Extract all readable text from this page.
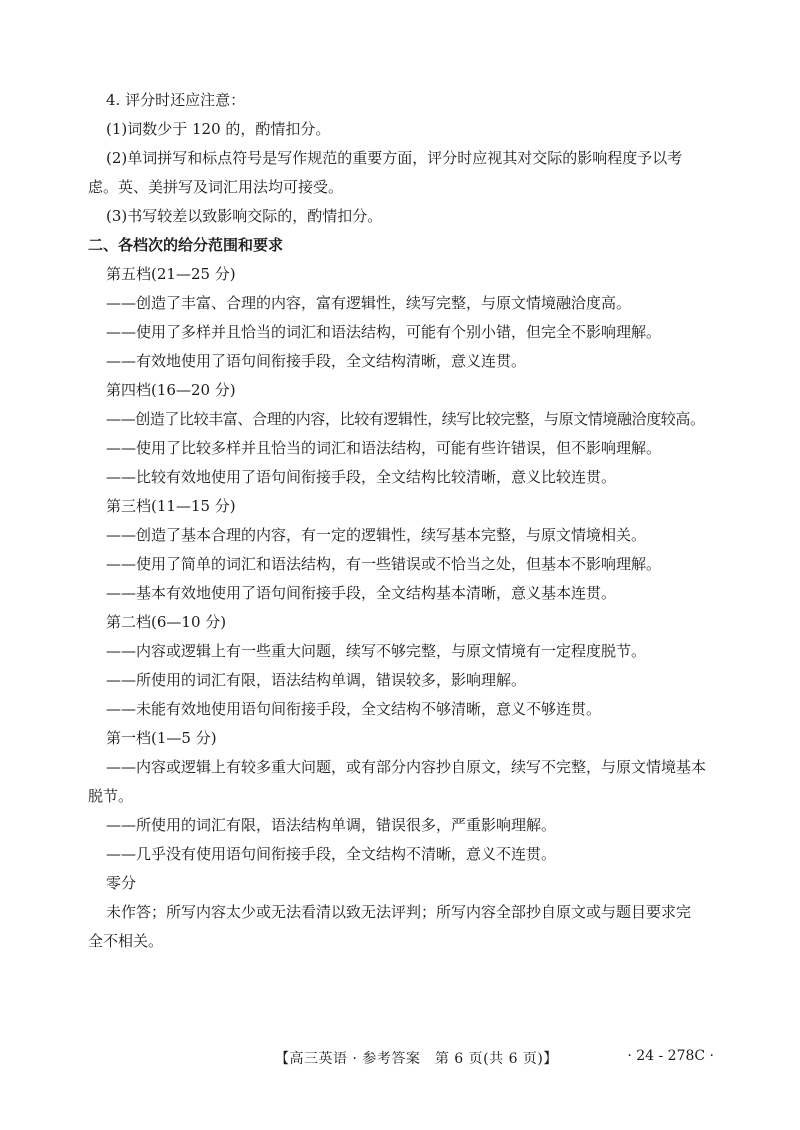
4. 评分时还应注意：
(1)词数少于 120 的，酌情扣分。
(2)单词拼写和标点符号是写作规范的重要方面，评分时应视其对交际的影响程度予以考
虑。英、美拼写及词汇用法均可接受。
(3)书写较差以致影响交际的，酌情扣分。
二、各档次的给分范围和要求
第五档(21—25 分)
——创造了丰富、合理的内容，富有逻辑性，续写完整，与原文情境融洽度高。
——使用了多样并且恰当的词汇和语法结构，可能有个别小错，但完全不影响理解。
——有效地使用了语句间衔接手段，全文结构清晰，意义连贯。
第四档(16—20 分)
——创造了比较丰富、合理的内容，比较有逻辑性，续写比较完整，与原文情境融洽度较高。
——使用了比较多样并且恰当的词汇和语法结构，可能有些许错误，但不影响理解。
——比较有效地使用了语句间衔接手段，全文结构比较清晰，意义比较连贯。
第三档(11—15 分)
——创造了基本合理的内容，有一定的逻辑性，续写基本完整，与原文情境相关。
——使用了简单的词汇和语法结构，有一些错误或不恰当之处，但基本不影响理解。
——基本有效地使用了语句间衔接手段，全文结构基本清晰，意义基本连贯。
第二档(6—10 分)
——内容或逻辑上有一些重大问题，续写不够完整，与原文情境有一定程度脱节。
——所使用的词汇有限，语法结构单调，错误较多，影响理解。
——未能有效地使用语句间衔接手段，全文结构不够清晰，意义不够连贯。
第一档(1—5 分)
——内容或逻辑上有较多重大问题，或有部分内容抄自原文，续写不完整，与原文情境基本
脱节。
——所使用的词汇有限，语法结构单调，错误很多，严重影响理解。
——几乎没有使用语句间衔接手段，全文结构不清晰，意义不连贯。
零分
未作答；所写内容太少或无法看清以致无法评判；所写内容全部抄自原文或与题目要求完
全不相关。
【高三英语 · 参考答案　第 6 页(共 6 页)】	· 24 - 278C ·
